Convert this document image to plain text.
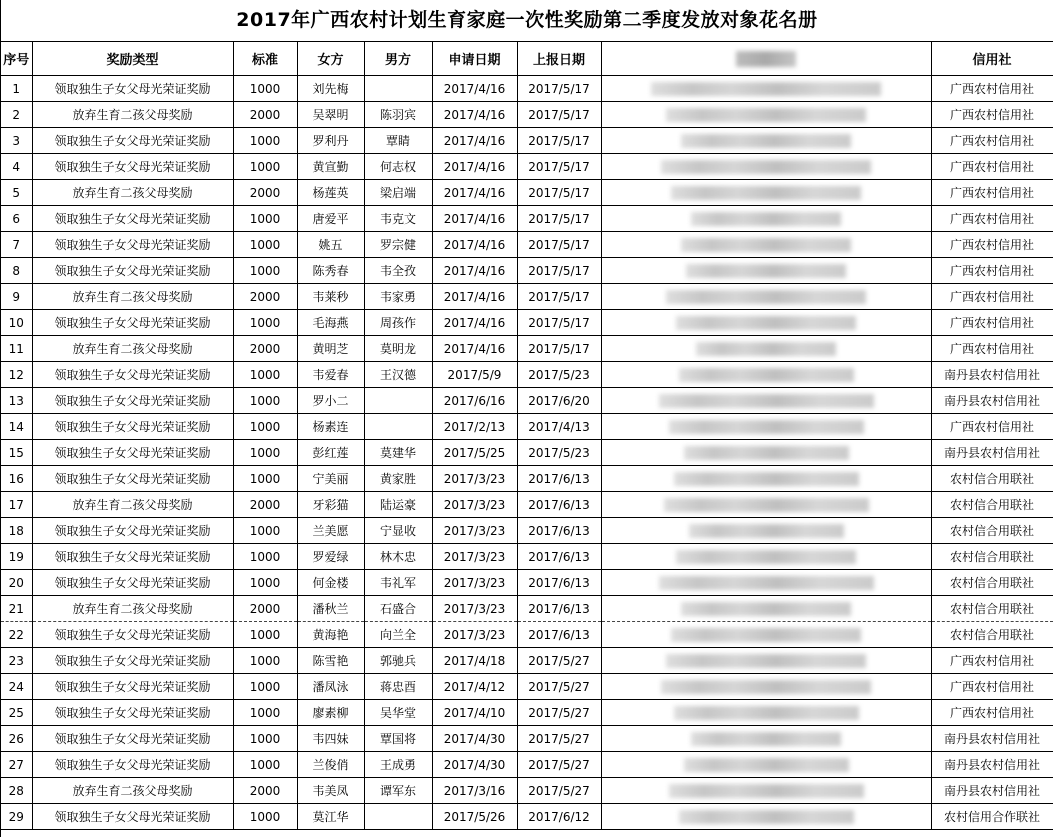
2017年广西农村计划生育家庭一次性奖励第二季度发放对象花名册
序号	奖励类型	标准	女方	男方	申请日期	上报日期		信用社
1	领取独生子女父母光荣证奖励	1000	刘先梅		2017/4/16	2017/5/17		广西农村信用社
2	放弃生育二孩父母奖励	2000	吴翠明	陈羽宾	2017/4/16	2017/5/17		广西农村信用社
3	领取独生子女父母光荣证奖励	1000	罗利丹	覃睛	2017/4/16	2017/5/17		广西农村信用社
4	领取独生子女父母光荣证奖励	1000	黄宣勤	何志权	2017/4/16	2017/5/17		广西农村信用社
5	放弃生育二孩父母奖励	2000	杨莲英	梁启端	2017/4/16	2017/5/17		广西农村信用社
6	领取独生子女父母光荣证奖励	1000	唐爱平	韦克文	2017/4/16	2017/5/17		广西农村信用社
7	领取独生子女父母光荣证奖励	1000	姚五	罗宗健	2017/4/16	2017/5/17		广西农村信用社
8	领取独生子女父母光荣证奖励	1000	陈秀春	韦全孜	2017/4/16	2017/5/17		广西农村信用社
9	放弃生育二孩父母奖励	2000	韦莱秒	韦家勇	2017/4/16	2017/5/17		广西农村信用社
10	领取独生子女父母光荣证奖励	1000	毛海燕	周孩作	2017/4/16	2017/5/17		广西农村信用社
11	放弃生育二孩父母奖励	2000	黄明芝	莫明龙	2017/4/16	2017/5/17		广西农村信用社
12	领取独生子女父母光荣证奖励	1000	韦爱春	王汉德	2017/5/9	2017/5/23		南丹县农村信用社
13	领取独生子女父母光荣证奖励	1000	罗小二		2017/6/16	2017/6/20		南丹县农村信用社
14	领取独生子女父母光荣证奖励	1000	杨素连		2017/2/13	2017/4/13		广西农村信用社
15	领取独生子女父母光荣证奖励	1000	彭红莲	莫建华	2017/5/25	2017/5/23		南丹县农村信用社
16	领取独生子女父母光荣证奖励	1000	宁美丽	黄家胜	2017/3/23	2017/6/13		农村信合用联社
17	放弃生育二孩父母奖励	2000	牙彩猫	陆运豪	2017/3/23	2017/6/13		农村信合用联社
18	领取独生子女父母光荣证奖励	1000	兰美愿	宁显收	2017/3/23	2017/6/13		农村信合用联社
19	领取独生子女父母光荣证奖励	1000	罗爱绿	林木忠	2017/3/23	2017/6/13		农村信合用联社
20	领取独生子女父母光荣证奖励	1000	何金楼	韦礼军	2017/3/23	2017/6/13		农村信合用联社
21	放弃生育二孩父母奖励	2000	潘秋兰	石盛合	2017/3/23	2017/6/13		农村信合用联社
22	领取独生子女父母光荣证奖励	1000	黄海艳	向兰全	2017/3/23	2017/6/13		农村信合用联社
23	领取独生子女父母光荣证奖励	1000	陈雪艳	郭驰兵	2017/4/18	2017/5/27		广西农村信用社
24	领取独生子女父母光荣证奖励	1000	潘凤泳	蒋忠酉	2017/4/12	2017/5/27		广西农村信用社
25	领取独生子女父母光荣证奖励	1000	廖素柳	吴华堂	2017/4/10	2017/5/27		广西农村信用社
26	领取独生子女父母光荣证奖励	1000	韦四妹	覃国将	2017/4/30	2017/5/27		南丹县农村信用社
27	领取独生子女父母光荣证奖励	1000	兰俊俏	王成勇	2017/4/30	2017/5/27		南丹县农村信用社
28	放弃生育二孩父母奖励	2000	韦美凤	谭军东	2017/3/16	2017/5/27		南丹县农村信用社
29	领取独生子女父母光荣证奖励	1000	莫江华		2017/5/26	2017/6/12		农村信用合作联社
